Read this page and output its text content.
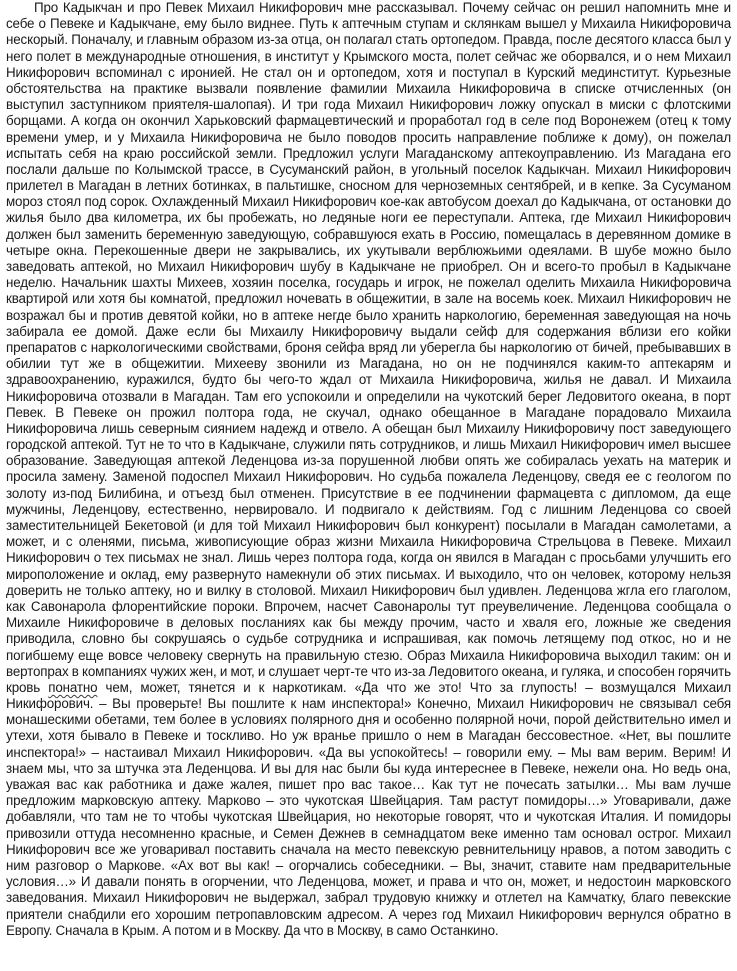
Про Кадыкчан и про Певек Михаил Никифорович мне рассказывал. Почему сейчас он решил напомнить мне и себе о Певеке и Кадыкчане, ему было виднее. Путь к аптечным ступам и склянкам вышел у Михаила Никифоровича нескорый. Поначалу, и главным образом из-за отца, он полагал стать ортопедом. Правда, после десятого класса был у него полет в международные отношения, в институт у Крымского моста, полет сейчас же оборвался, и о нем Михаил Никифорович вспоминал с иронией. Не стал он и ортопедом, хотя и поступал в Курский мединститут. Курьезные обстоятельства на практике вызвали появление фамилии Михаила Никифоровича в списке отчисленных (он выступил заступником приятеля-шалопая). И три года Михаил Никифорович ложку опускал в миски с флотскими борщами. А когда он окончил Харьковский фармацевтический и проработал год в селе под Воронежем (отец к тому времени умер, и у Михаила Никифоровича не было поводов просить направление поближе к дому), он пожелал испытать себя на краю российской земли. Предложил услуги Магаданскому аптекоуправлению. Из Магадана его послали дальше по Колымской трассе, в Сусуманский район, в угольный поселок Кадыкчан. Михаил Никифорович прилетел в Магадан в летних ботинках, в пальтишке, сносном для черноземных сентябрей, и в кепке. За Сусуманом мороз стоял под сорок. Охлажденный Михаил Никифорович кое-как автобусом доехал до Кадыкчана, от остановки до жилья было два километра, их бы пробежать, но ледяные ноги ее переступали. Аптека, где Михаил Никифорович должен был заменить беременную заведующую, собравшуюся ехать в Россию, помещалась в деревянном домике в четыре окна. Перекошенные двери не закрывались, их укутывали верблюжьими одеялами. В шубе можно было заведовать аптекой, но Михаил Никифорович шубу в Кадыкчане не приобрел. Он и всего-то пробыл в Кадыкчане неделю. Начальник шахты Михеев, хозяин поселка, государь и игрок, не пожелал оделить Михаила Никифоровича квартирой или хотя бы комнатой, предложил ночевать в общежитии, в зале на восемь коек. Михаил Никифорович не возражал бы и против девятой койки, но в аптеке негде было хранить наркологию, беременная заведующая на ночь забирала ее домой. Даже если бы Михаилу Никифоровичу выдали сейф для содержания вблизи его койки препаратов с наркологическими свойствами, броня сейфа вряд ли уберегла бы наркологию от бичей, пребывавших в обилии тут же в общежитии. Михееву звонили из Магадана, но он не подчинялся каким-то аптекарям и здравоохранению, куражился, будто бы чего-то ждал от Михаила Никифоровича, жилья не давал. И Михаила Никифоровича отозвали в Магадан. Там его успокоили и определили на чукотский берег Ледовитого океана, в порт Певек. В Певеке он прожил полтора года, не скучал, однако обещанное в Магадане порадовало Михаила Никифоровича лишь северным сиянием надежд и отвело. А обещан был Михаилу Никифоровичу пост заведующего городской аптекой. Тут не то что в Кадыкчане, служили пять сотрудников, и лишь Михаил Никифорович имел высшее образование. Заведующая аптекой Леденцова из-за порушенной любви опять же собиралась уехать на материк и просила замену. Заменой подоспел Михаил Никифорович. Но судьба пожалела Леденцову, сведя ее с геологом по золоту из-под Билибина, и отъезд был отменен. Присутствие в ее подчинении фармацевта с дипломом, да еще мужчины, Леденцову, естественно, нервировало. И подвигало к действиям. Год с лишним Леденцова со своей заместительницей Бекетовой (и для той Михаил Никифорович был конкурент) посылали в Магадан самолетами, а может, и с оленями, письма, живописующие образ жизни Михаила Никифоровича Стрельцова в Певеке. Михаил Никифорович о тех письмах не знал. Лишь через полтора года, когда он явился в Магадан с просьбами улучшить его мироположение и оклад, ему развернуто намекнули об этих письмах. И выходило, что он человек, которому нельзя доверить не только аптеку, но и вилку в столовой. Михаил Никифорович был удивлен. Леденцова жгла его глаголом, как Савонарола флорентийские пороки. Впрочем, насчет Савонаролы тут преувеличение. Леденцова сообщала о Михаиле Никифоровиче в деловых посланиях как бы между прочим, часто и хваля его, ложные же сведения приводила, словно бы сокрушаясь о судьбе сотрудника и испрашивая, как помочь летящему под откос, но и не погибшему еще вовсе человеку свернуть на правильную стезю. Образ Михаила Никифоровича выходил таким: он и вертопрах в компаниях чужих жен, и мот, и слушает черт-те что из-за Ледовитого океана, и гуляка, и способен горячить кровь понатно чем, может, тянется и к наркотикам. «Да что же это! Что за глупость! – возмущался Михаил Никифорович. – Вы проверьте! Вы пошлите к нам инспектора!» Конечно, Михаил Никифорович не связывал себя монашескими обетами, тем более в условиях полярного дня и особенно полярной ночи, порой действительно имел и утехи, хотя бывало в Певеке и тоскливо. Но уж вранье пришло о нем в Магадан бессовестное. «Нет, вы пошлите инспектора!» – настаивал Михаил Никифорович. «Да вы успокойтесь! – говорили ему. – Мы вам верим. Верим! И знаем мы, что за штучка эта Леденцова. И вы для нас были бы куда интереснее в Певеке, нежели она. Но ведь она, уважая вас как работника и даже жалея, пишет про вас такое… Как тут не почесать затылки… Мы вам лучше предложим марковскую аптеку. Марково – это чукотская Швейцария. Там растут помидоры…» Уговаривали, даже добавляли, что там не то чтобы чукотская Швейцария, но некоторые говорят, что и чукотская Италия. И помидоры привозили оттуда несомненно красные, и Семен Дежнев в семнадцатом веке именно там основал острог. Михаил Никифорович все же уговаривал поставить сначала на место певекскую ревнительницу нравов, а потом заводить с ним разговор о Маркове. «Ах вот вы как! – огорчались собеседники. – Вы, значит, ставите нам предварительные условия…» И давали понять в огорчении, что Леденцова, может, и права и что он, может, и недостоин марковского заведования. Михаил Никифорович не выдержал, забрал трудовую книжку и отлетел на Камчатку, благо певекские приятели снабдили его хорошим петропавловским адресом. А через год Михаил Никифорович вернулся обратно в Европу. Сначала в Крым. А потом и в Москву. Да что в Москву, в само Останкино.
